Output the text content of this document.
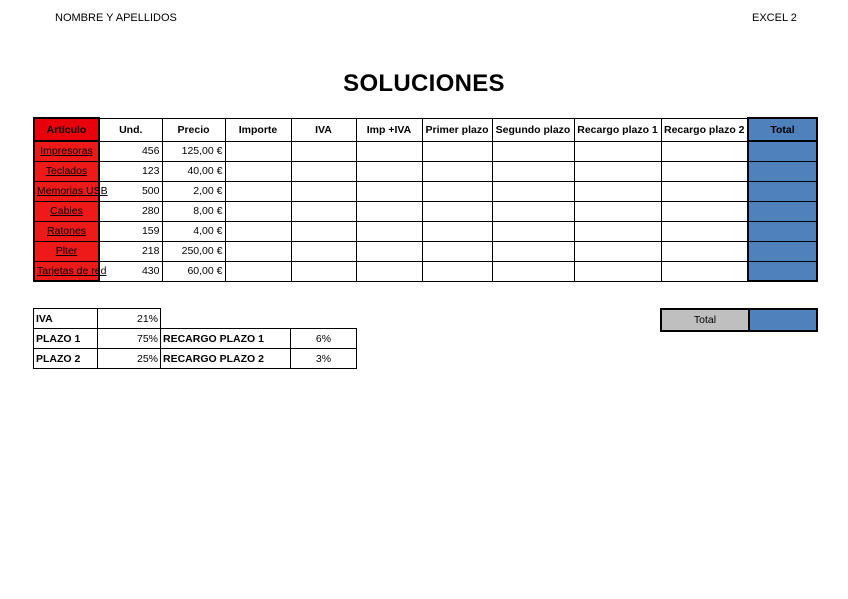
NOMBRE Y APELLIDOS	EXCEL 2
SOLUCIONES
Artículo	Und.	Precio	Importe	IVA	Imp +IVA	Primer plazo	Segundo plazo	Recargo plazo 1	Recargo plazo 2	Total
Impresoras	456	125,00 €								
Teclados	123	40,00 €								
Memorias USB	500	2,00 €								
Cables	280	8,00 €								
Ratones	159	4,00 €								
Plter	218	250,00 €								
Tarjetas de red	430	60,00 €								
IVA	21%		
PLAZO 1	75%	RECARGO PLAZO 1	6%
PLAZO 2	25%	RECARGO PLAZO 2	3%
Total	
